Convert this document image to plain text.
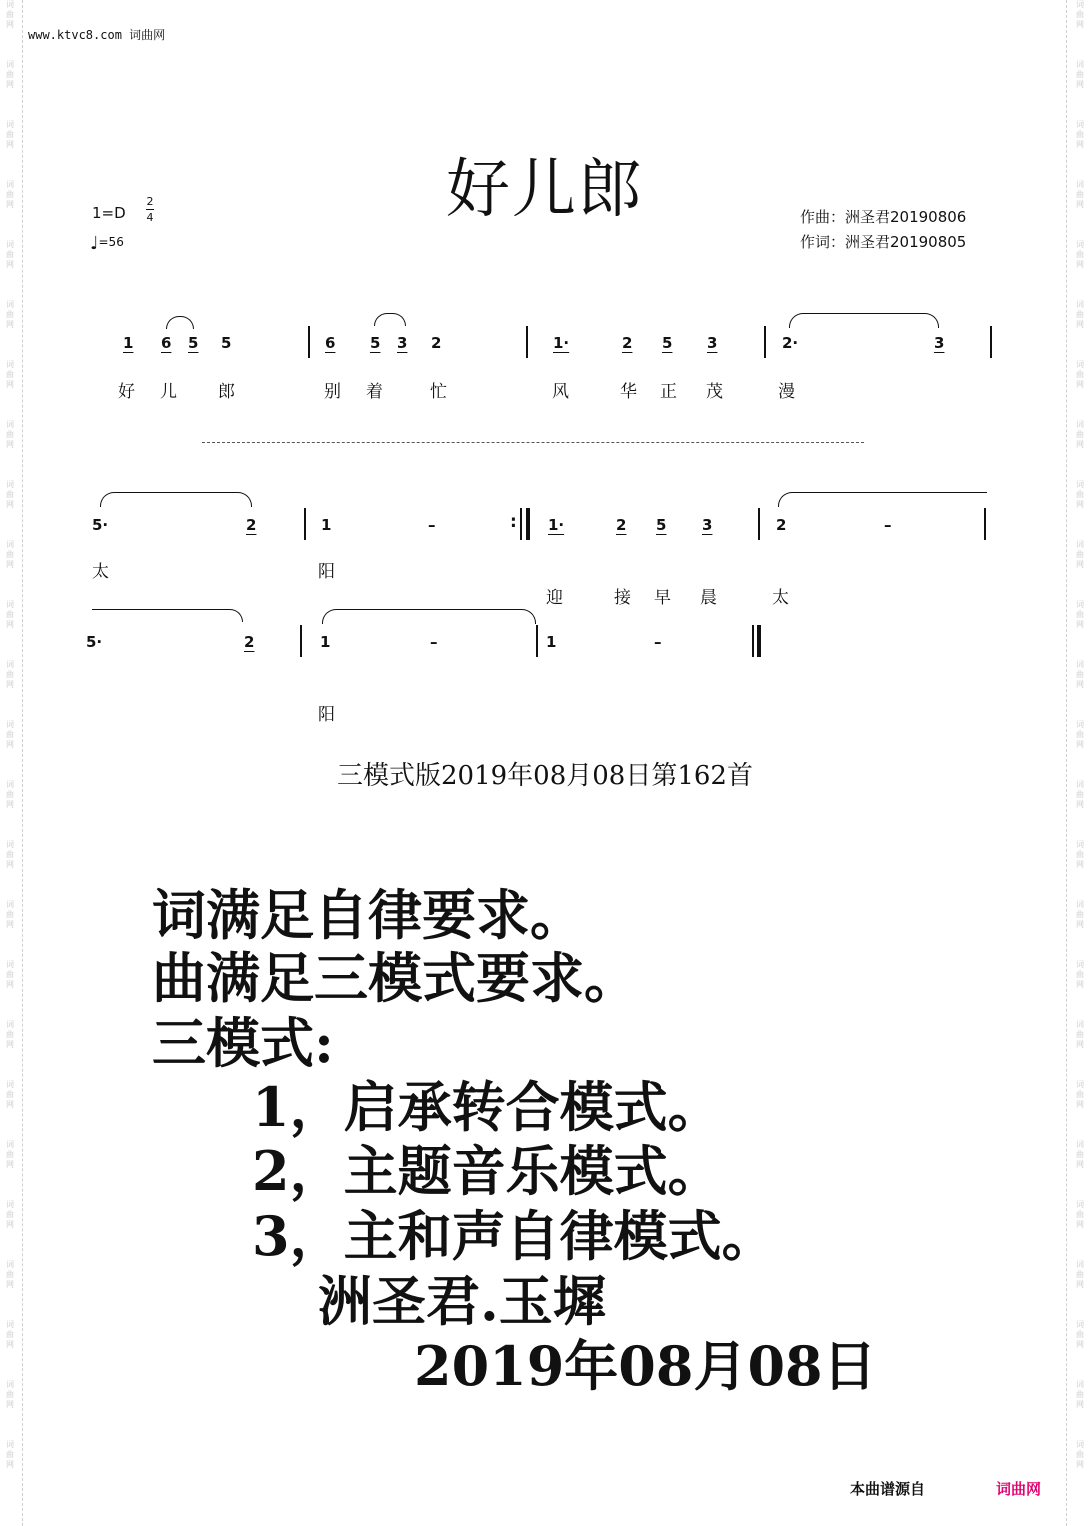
词
曲
网
词
曲
网
词
曲
网
词
曲
网
词
曲
网
词
曲
网
词
曲
网
词
曲
网
词
曲
网
词
曲
网
词
曲
网
词
曲
网
词
曲
网
词
曲
网
词
曲
网
词
曲
网
词
曲
网
词
曲
网
词
曲
网
词
曲
网
词
曲
网
词
曲
网
词
曲
网
词
曲
网
词
曲
网
词
曲
网
词
曲
网
词
曲
网
词
曲
网
词
曲
网
词
曲
网
词
曲
网
词
曲
网
词
曲
网
词
曲
网
词
曲
网
词
曲
网
词
曲
网
词
曲
网
词
曲
网
词
曲
网
词
曲
网
词
曲
网
词
曲
网
词
曲
网
词
曲
网
词
曲
网
词
曲
网
词
曲
网
词
曲
网
www.ktvc8.com 词曲网
好儿郎
1=D
2
4
♩=56
作曲：洲圣君20190806
作词：洲圣君20190805
1 6 5 5	6 5 3 2	1·	2 5 3	2·	3
好 儿 郎	别 着	忙	风	华 正 茂	漫
5·	2	1	–	: 1·	2 5 3	2	–
太	阳
迎	接 早 晨	太
5·	2	1	–	1	–
阳
三模式版2019年08月08日第162首
词满足自律要求。
曲满足三模式要求。
三模式:
1，启承转合模式。
2，主题音乐模式。
3，主和声自律模式。
洲圣君.玉墀
2019年08月08日
本曲谱源自	词曲网
